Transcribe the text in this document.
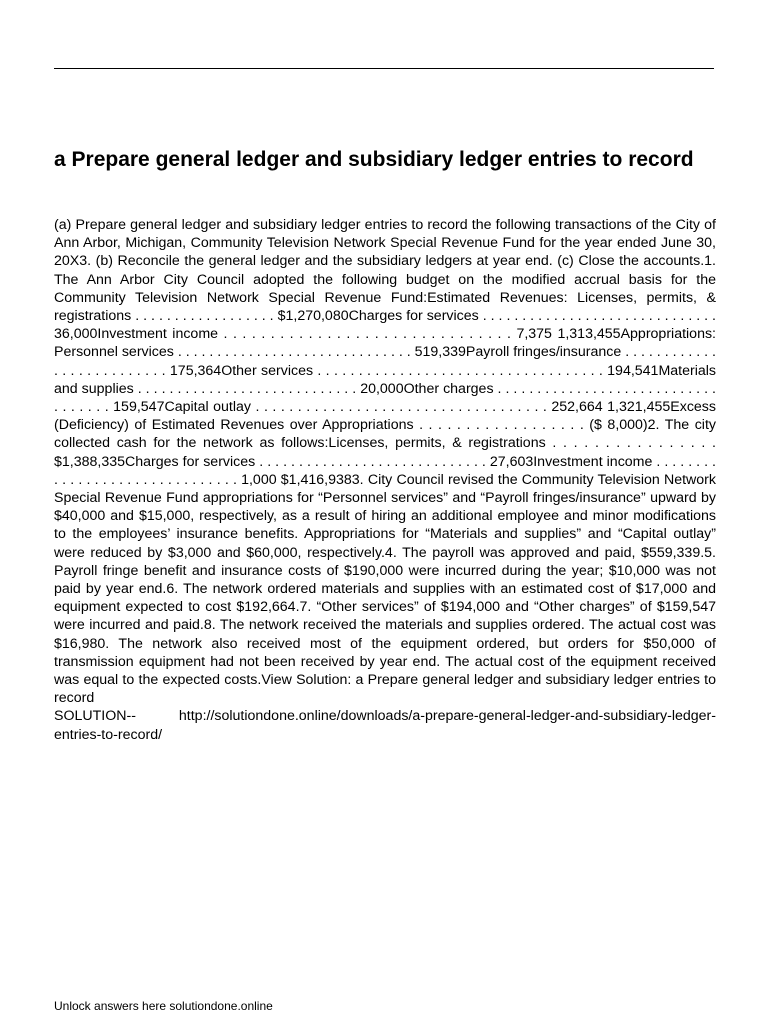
a Prepare general ledger and subsidiary ledger entries to record

(a) Prepare general ledger and subsidiary ledger entries to record the following transactions of the City of Ann Arbor, Michigan, Community Television Network Special Revenue Fund for the year ended June 30, 20X3. (b) Reconcile the general ledger and the subsidiary ledgers at year end. (c) Close the accounts.1. The Ann Arbor City Council adopted the following budget on the modified accrual basis for the Community Television Network Special Revenue Fund:Estimated Revenues: Licenses, permits, & registrations . . . . . . . . . . . . . . . . . . $1,270,080Charges for services . . . . . . . . . . . . . . . . . . . . . . . . . . . . . . 36,000Investment income . . . . . . . . . . . . . . . . . . . . . . . . . . . . . . . 7,375 1,313,455Appropriations: Personnel services . . . . . . . . . . . . . . . . . . . . . . . . . . . . . . 519,339Payroll fringes/insurance . . . . . . . . . . . . . . . . . . . . . . . . . . 175,364Other services . . . . . . . . . . . . . . . . . . . . . . . . . . . . . . . . . . . 194,541Materials and supplies . . . . . . . . . . . . . . . . . . . . . . . . . . . . 20,000Other charges . . . . . . . . . . . . . . . . . . . . . . . . . . . . . . . . . . . 159,547Capital outlay . . . . . . . . . . . . . . . . . . . . . . . . . . . . . . . . . . . 252,664 1,321,455Excess (Deficiency) of Estimated Revenues over Appropriations . . . . . . . . . . . . . . . . . . ($ 8,000)2. The city collected cash for the network as follows:Licenses, permits, & registrations . . . . . . . . . . . . . . . . $1,388,335Charges for services . . . . . . . . . . . . . . . . . . . . . . . . . . . . . 27,603Investment income . . . . . . . . . . . . . . . . . . . . . . . . . . . . . . . 1,000 $1,416,9383. City Council revised the Community Television Network Special Revenue Fund appropriations for “Personnel services” and “Payroll fringes/insurance” upward by $40,000 and $15,000, respectively, as a result of hiring an additional employee and minor modifications to the employees’ insurance benefits. Appropriations for “Materials and supplies” and “Capital outlay” were reduced by $3,000 and $60,000, respectively.4. The payroll was approved and paid, $559,339.5. Payroll fringe benefit and insurance costs of $190,000 were incurred during the year; $10,000 was not paid by year end.6. The network ordered materials and supplies with an estimated cost of $17,000 and equipment expected to cost $192,664.7. “Other services” of $194,000 and “Other charges” of $159,547 were incurred and paid.8. The network received the materials and supplies ordered. The actual cost was $16,980. The network also received most of the equipment ordered, but orders for $50,000 of transmission equipment had not been received by year end. The actual cost of the equipment received was equal to the expected costs.View Solution: a Prepare general ledger and subsidiary ledger entries to record
SOLUTION-- http://solutiondone.online/downloads/a-prepare-general-ledger-and-subsidiary-ledger-entries-to-record/

Unlock answers here solutiondone.online
